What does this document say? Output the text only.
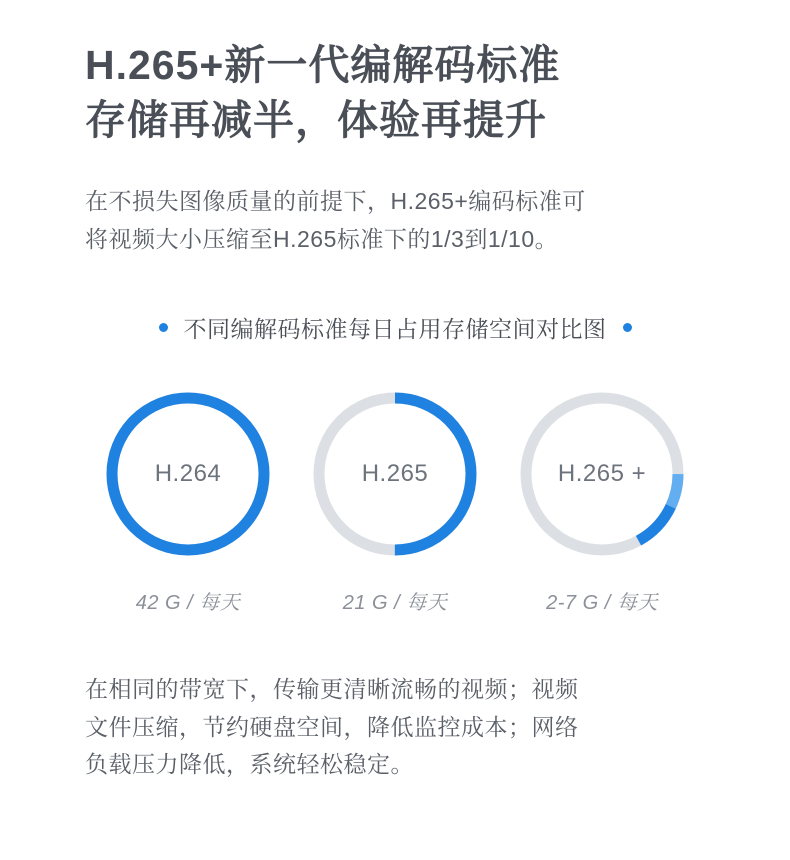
H.265+新一代编解码标准
存储再减半，体验再提升
在不损失图像质量的前提下，H.265+编码标准可
将视频大小压缩至H.265标准下的1/3到1/10。
不同编解码标准每日占用存储空间对比图
H.264
42 G / 每天
H.265
21 G / 每天
H.265 +
2-7 G / 每天
在相同的带宽下，传输更清晰流畅的视频；视频
文件压缩，节约硬盘空间，降低监控成本；网络
负载压力降低，系统轻松稳定。
